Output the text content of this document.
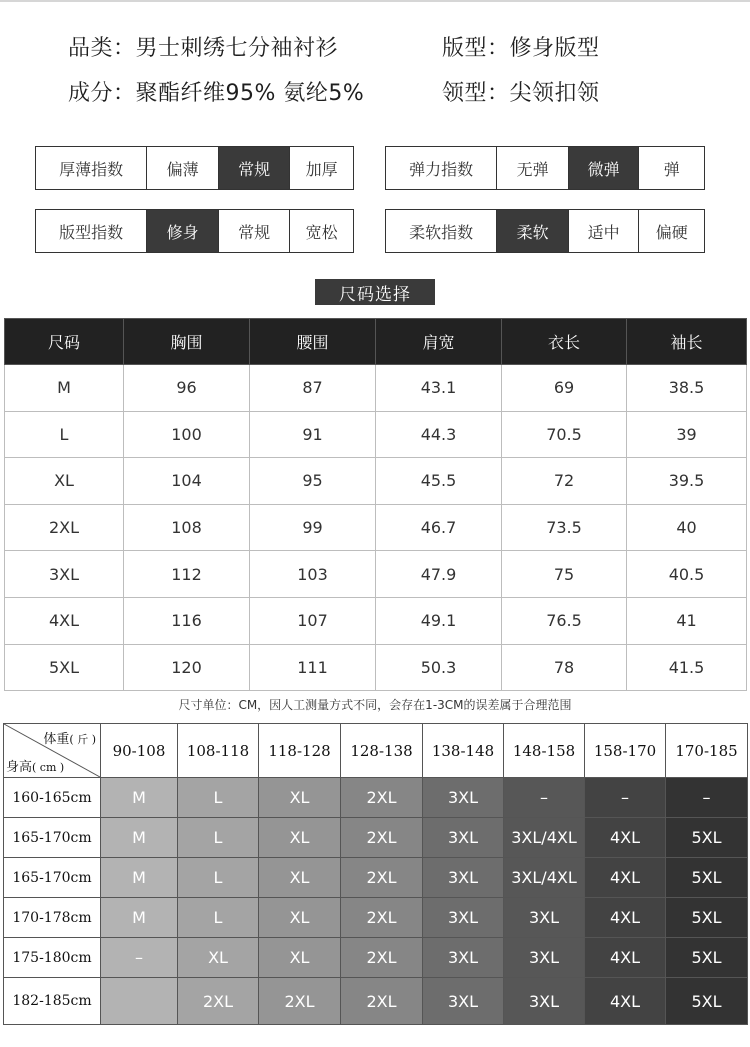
品类：男士刺绣七分袖衬衫	版型：修身版型
成分：聚酯纤维95% 氨纶5%	领型：尖领扣领
厚薄指数	偏薄	常规	加厚	弹力指数	无弹	微弹	弹
版型指数	修身	常规	宽松	柔软指数	柔软	适中	偏硬
尺码选择
尺码	胸围	腰围	肩宽	衣长	袖长
M	96	87	43.1	69	38.5
L	100	91	44.3	70.5	39
XL	104	95	45.5	72	39.5
2XL	108	99	46.7	73.5	40
3XL	112	103	47.9	75	40.5
4XL	116	107	49.1	76.5	41
5XL	120	111	50.3	78	41.5
尺寸单位：CM，因人工测量方式不同，会存在1-3CM的误差属于合理范围
体重( 斤 )
身高( cm )	90-108	108-118	118-128	128-138	138-148	148-158	158-170	170-185
160-165cm	M	L	XL	2XL	3XL	–	–	–
165-170cm	M	L	XL	2XL	3XL	3XL/4XL	4XL	5XL
165-170cm	M	L	XL	2XL	3XL	3XL/4XL	4XL	5XL
170-178cm	M	L	XL	2XL	3XL	3XL	4XL	5XL
175-180cm	–	XL	XL	2XL	3XL	3XL	4XL	5XL
182-185cm		2XL	2XL	2XL	3XL	3XL	4XL	5XL
